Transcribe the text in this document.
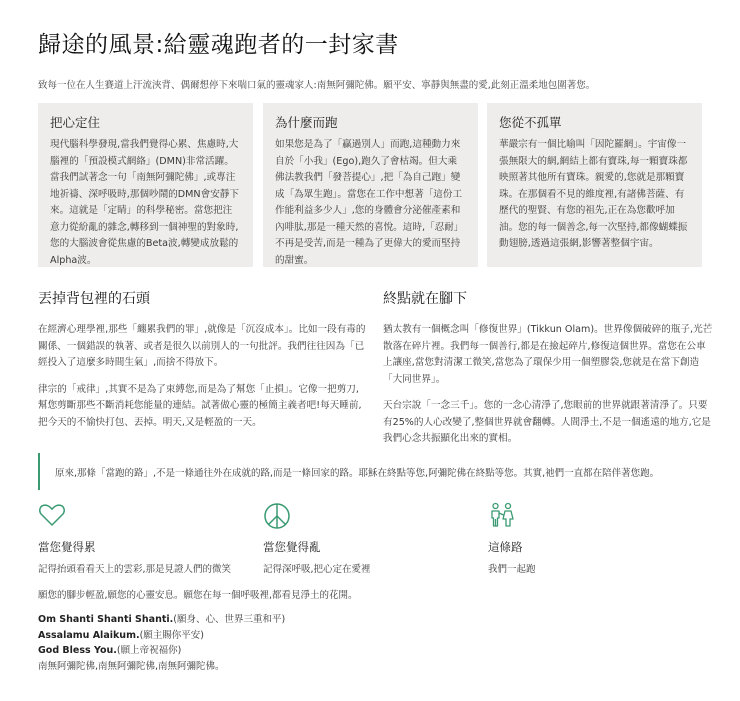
歸途的風景:給靈魂跑者的一封家書
致每一位在人生賽道上汗流浹背、偶爾想停下來喘口氣的靈魂家人:南無阿彌陀佛。願平安、寧靜與無盡的愛,此刻正溫柔地包圍著您。
把心定住

現代腦科學發現,當我們覺得心累、焦慮時,大腦裡的「預設模式網絡」(DMN)非常活躍。當我們試著念一句「南無阿彌陀佛」,或專注地祈禱、深呼吸時,那個吵鬧的DMN會安靜下來。這就是「定睛」的科學秘密。當您把注意力從紛亂的雜念,轉移到一個神聖的對象時,您的大腦波會從焦慮的Beta波,轉變成放鬆的Alpha波。

為什麼而跑

如果您是為了「贏過別人」而跑,這種動力來自於「小我」(Ego),跑久了會枯竭。但大乘佛法教我們「發菩提心」,把「為自己跑」變成「為眾生跑」。當您在工作中想著「這份工作能利益多少人」,您的身體會分泌催產素和內啡肽,那是一種天然的喜悅。這時,「忍耐」不再是受苦,而是一種為了更偉大的愛而堅持的甜蜜。

您從不孤單

華嚴宗有一個比喻叫「因陀羅網」。宇宙像一張無限大的網,網結上都有寶珠,每一顆寶珠都映照著其他所有寶珠。親愛的,您就是那顆寶珠。在那個看不見的維度裡,有諸佛菩薩、有歷代的聖賢、有您的祖先,正在為您歡呼加油。您的每一個善念,每一次堅持,都像蝴蝶振動翅膀,透過這張網,影響著整個宇宙。

丟掉背包裡的石頭

在經濟心理學裡,那些「纏累我們的罪」,就像是「沉沒成本」。比如一段有毒的關係、一個錯誤的執著、或者是很久以前別人的一句批評。我們往往因為「已經投入了這麼多時間生氣」,而捨不得放下。

律宗的「戒律」,其實不是為了束縛您,而是為了幫您「止損」。它像一把剪刀,幫您剪斷那些不斷消耗您能量的連結。試著做心靈的極簡主義者吧!每天睡前,把今天的不愉快打包、丟掉。明天,又是輕盈的一天。

終點就在腳下

猶太教有一個概念叫「修復世界」(Tikkun Olam)。世界像個破碎的瓶子,光芒散落在碎片裡。我們每一個善行,都是在撿起碎片,修復這個世界。當您在公車上讓座,當您對清潔工微笑,當您為了環保少用一個塑膠袋,您就是在當下創造「大同世界」。

天台宗說「一念三千」。您的一念心清淨了,您眼前的世界就跟著清淨了。只要有25%的人心改變了,整個世界就會翻轉。人間淨土,不是一個遙遠的地方,它是我們心念共振顯化出來的實相。

原來,那條「當跑的路」,不是一條通往外在成就的路,而是一條回家的路。耶穌在終點等您,阿彌陀佛在終點等您。其實,祂們一直都在陪伴著您跑。
當您覺得累

記得抬頭看看天上的雲彩,那是見證人們的微笑

當您覺得亂

記得深呼吸,把心定在愛裡

這條路

我們一起跑

願您的腳步輕盈,願您的心靈安息。願您在每一個呼吸裡,都看見淨土的花開。
Om Shanti Shanti Shanti.(願身、心、世界三重和平)
Assalamu Alaikum.(願主賜你平安)
God Bless You.(願上帝祝福你)
南無阿彌陀佛,南無阿彌陀佛,南無阿彌陀佛。
